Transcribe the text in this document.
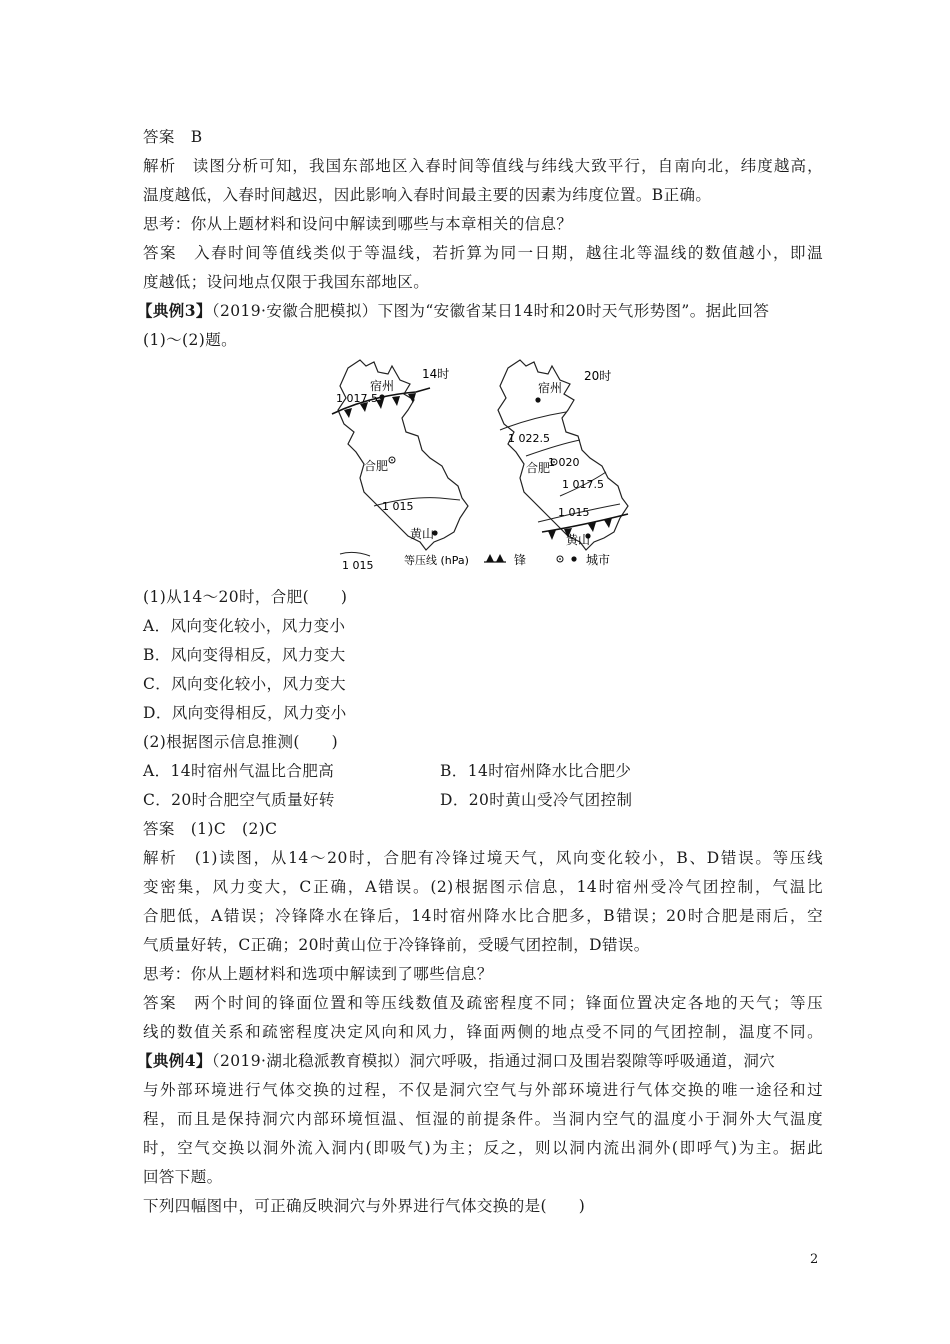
答案　B
解析　读图分析可知，我国东部地区入春时间等值线与纬线大致平行，自南向北，纬度越高，
温度越低，入春时间越迟，因此影响入春时间最主要的因素为纬度位置。B正确。
思考：你从上题材料和设问中解读到哪些与本章相关的信息？
答案　入春时间等值线类似于等温线，若折算为同一日期，越往北等温线的数值越小，即温
度越低；设问地点仅限于我国东部地区。
【典例3】（2019·安徽合肥模拟）下图为“安徽省某日14时和20时天气形势图”。据此回答
(1)～(2)题。
14时
宿州
1 017.5
合肥
1 015
黄山
20时
宿州
1 022.5
1 020
合肥
1 017.5
1 015
黄山
1 015	等压线 (hPa)	锋	城市
(1)从14～20时，合肥(　　)
A．风向变化较小，风力变小
B．风向变得相反，风力变大
C．风向变化较小，风力变大
D．风向变得相反，风力变小
(2)根据图示信息推测(　　)
A．14时宿州气温比合肥高	B．14时宿州降水比合肥少
C．20时合肥空气质量好转	D．20时黄山受冷气团控制
答案　(1)C　(2)C
解析　(1)读图，从14～20时，合肥有冷锋过境天气，风向变化较小，B、D错误。等压线
变密集，风力变大，C正确，A错误。(2)根据图示信息，14时宿州受冷气团控制，气温比
合肥低，A错误；冷锋降水在锋后，14时宿州降水比合肥多，B错误；20时合肥是雨后，空
气质量好转，C正确；20时黄山位于冷锋锋前，受暖气团控制，D错误。
思考：你从上题材料和选项中解读到了哪些信息？
答案　两个时间的锋面位置和等压线数值及疏密程度不同；锋面位置决定各地的天气；等压
线的数值关系和疏密程度决定风向和风力，锋面两侧的地点受不同的气团控制，温度不同。
【典例4】（2019·湖北稳派教育模拟）洞穴呼吸，指通过洞口及围岩裂隙等呼吸通道，洞穴
与外部环境进行气体交换的过程，不仅是洞穴空气与外部环境进行气体交换的唯一途径和过
程，而且是保持洞穴内部环境恒温、恒湿的前提条件。当洞内空气的温度小于洞外大气温度
时，空气交换以洞外流入洞内(即吸气)为主；反之，则以洞内流出洞外(即呼气)为主。据此
回答下题。
下列四幅图中，可正确反映洞穴与外界进行气体交换的是(　　)
2
